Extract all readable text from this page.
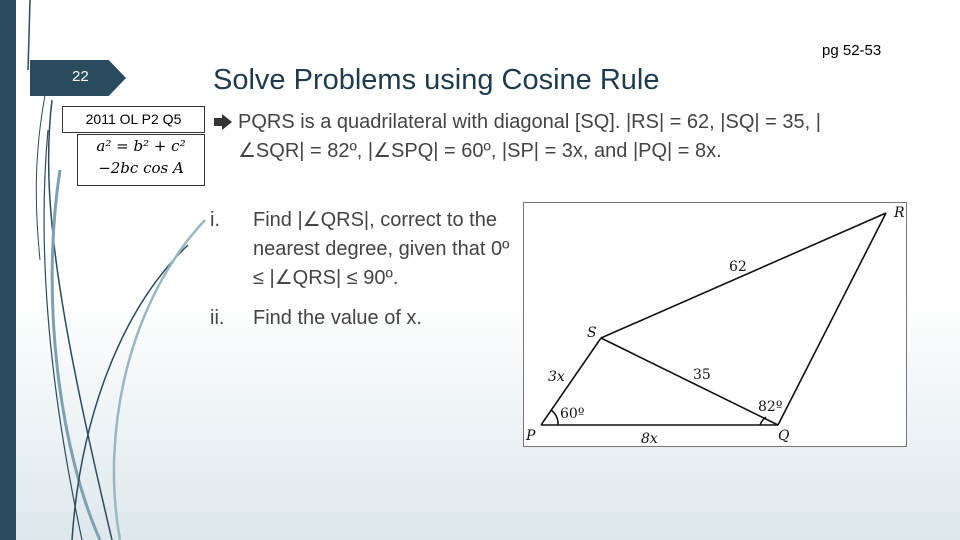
22
pg 52-53
Solve Problems using Cosine Rule
2011 OL P2 Q5
a² = b² + c²
−2bc cos A
PQRS is a quadrilateral with diagonal [SQ]. |RS| = 62, |SQ| = 35, |∠SQR| = 82º, |∠SPQ| = 60º, |SP| = 3x, and |PQ| = 8x.
i. Find |∠QRS|, correct to the nearest degree, given that 0º ≤ |∠QRS| ≤ 90º.
ii. Find the value of x.
R
S
P	Q
62
35
3x
8x
60º	82º
